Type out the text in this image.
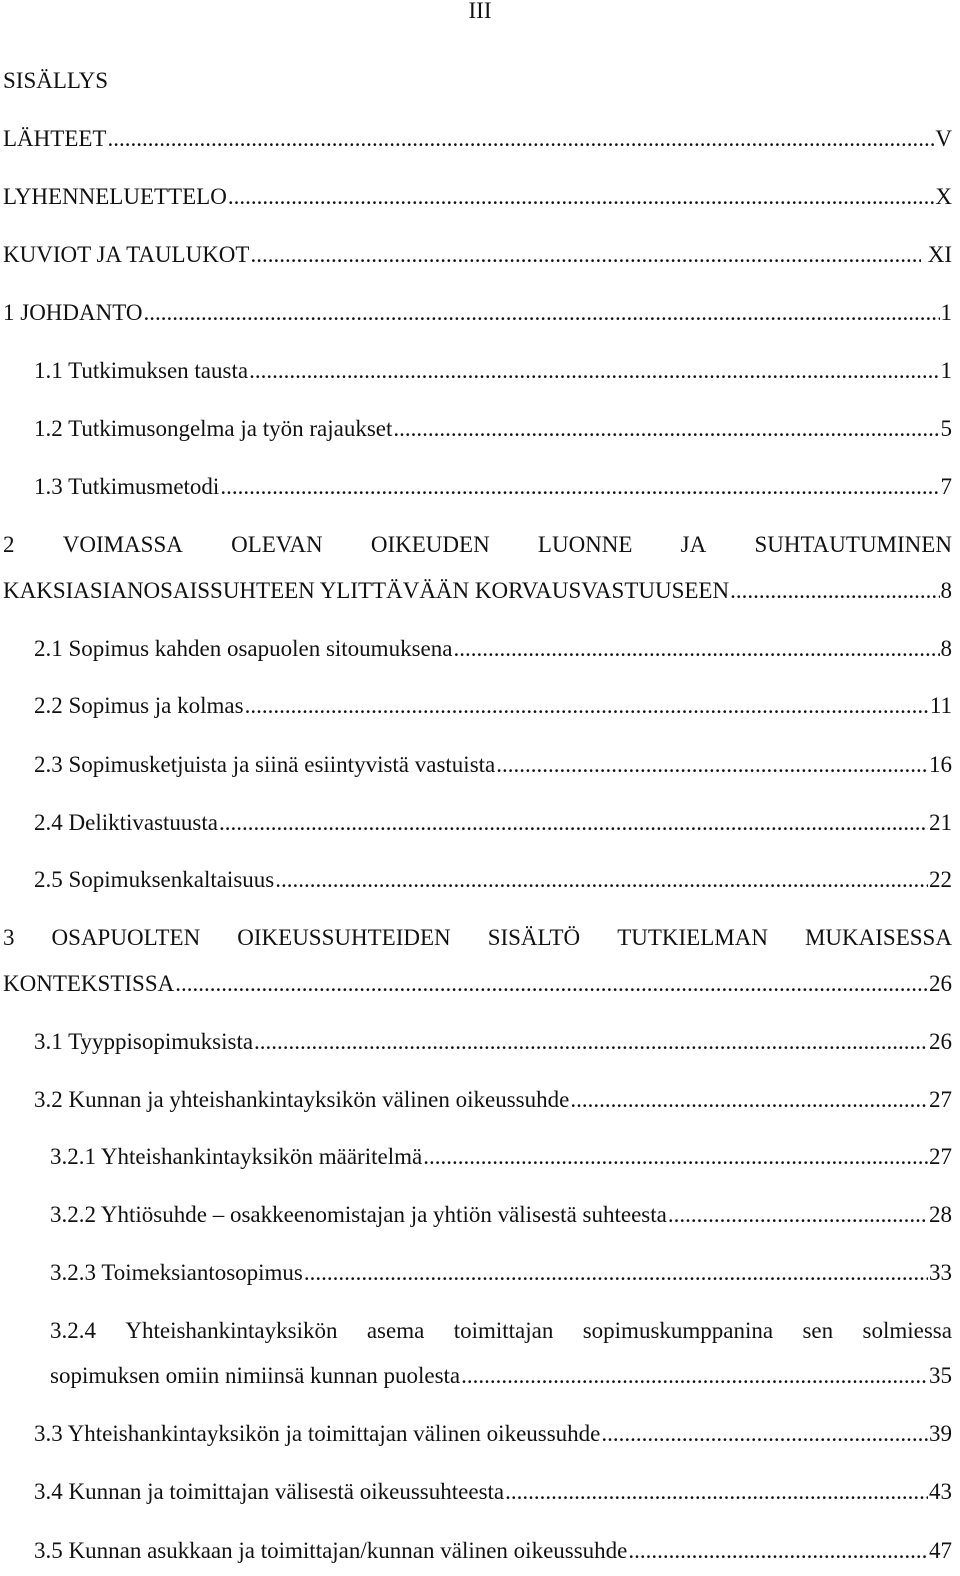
III
SISÄLLYS
LÄHTEET .....	V
LYHENNELUETTELO .....	X
KUVIOT JA TAULUKOT .....	XI
1 JOHDANTO .....	1
1.1 Tutkimuksen tausta .....	1
1.2 Tutkimusongelma ja työn rajaukset .....	5
1.3 Tutkimusmetodi .....	7
2 VOIMASSA OLEVAN OIKEUDEN LUONNE JA SUHTAUTUMINEN
KAKSIASIANOSAISSUHTEEN YLITTÄVÄÄN KORVAUSVASTUUSEEN .....	8
2.1 Sopimus kahden osapuolen sitoumuksena .....	8
2.2 Sopimus ja kolmas .....	11
2.3 Sopimusketjuista ja siinä esiintyvistä vastuista .....	16
2.4 Deliktivastuusta .....	21
2.5 Sopimuksenkaltaisuus .....	22
3 OSAPUOLTEN OIKEUSSUHTEIDEN SISÄLTÖ TUTKIELMAN MUKAISESSA
KONTEKSTISSA .....	26
3.1 Tyyppisopimuksista .....	26
3.2 Kunnan ja yhteishankintayksikön välinen oikeussuhde .....	27
3.2.1 Yhteishankintayksikön määritelmä .....	27
3.2.2 Yhtiösuhde – osakkeenomistajan ja yhtiön välisestä suhteesta .....	28
3.2.3 Toimeksiantosopimus .....	33
3.2.4 Yhteishankintayksikön asema toimittajan sopimuskumppanina sen solmiessa
sopimuksen omiin nimiinsä kunnan puolesta .....	35
3.3 Yhteishankintayksikön ja toimittajan välinen oikeussuhde .....	39
3.4 Kunnan ja toimittajan välisestä oikeussuhteesta .....	43
3.5 Kunnan asukkaan ja toimittajan/kunnan välinen oikeussuhde .....	47
